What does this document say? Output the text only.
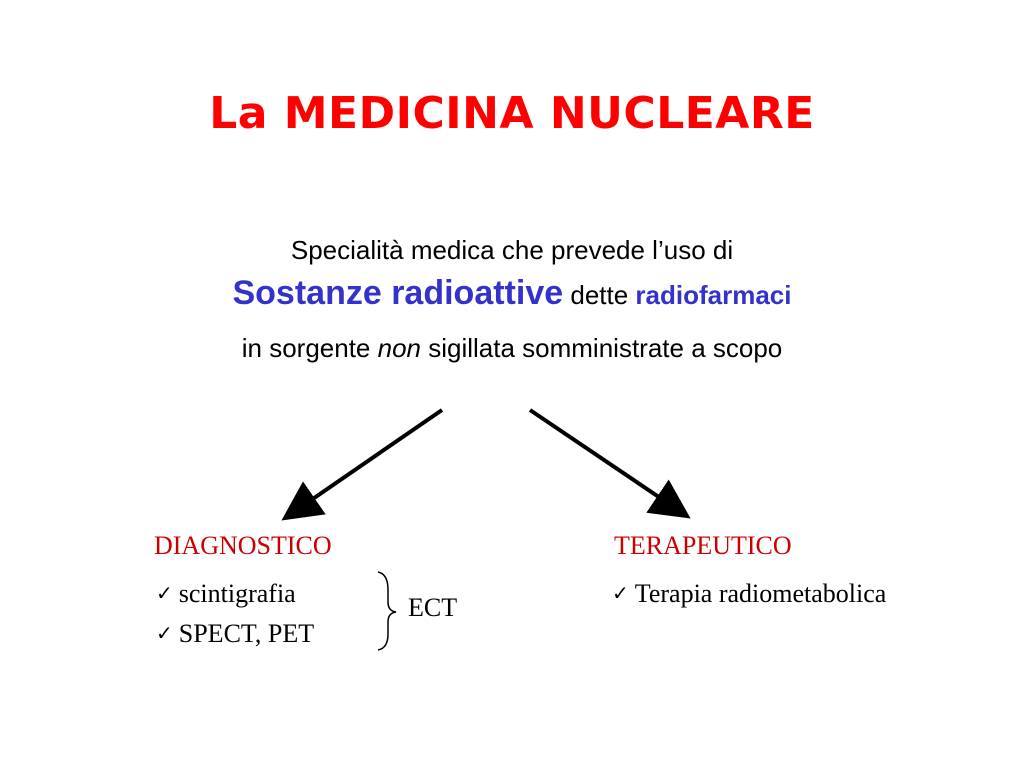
La MEDICINA NUCLEARE
Specialità medica che prevede l’uso di
Sostanze radioattive dette radiofarmaci
in sorgente non sigillata somministrate a scopo
DIAGNOSTICO
✓ scintigrafia
✓ SPECT, PET
ECT
TERAPEUTICO
✓ Terapia radiometabolica
